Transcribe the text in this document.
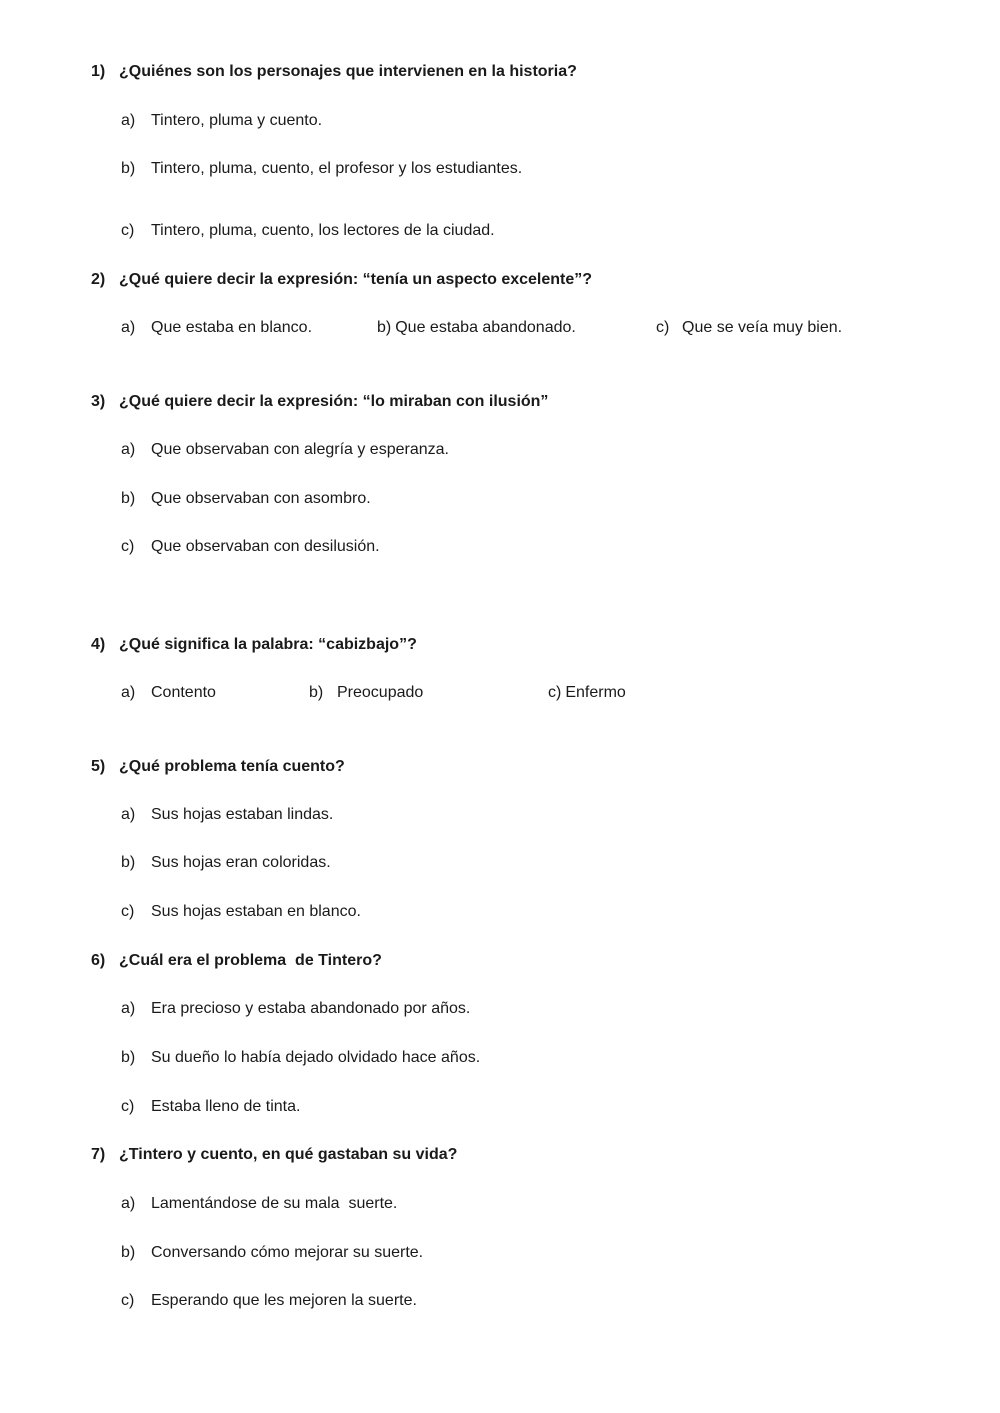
1) ¿Quiénes son los personajes que intervienen en la historia?
a) Tintero, pluma y cuento.
b) Tintero, pluma, cuento, el profesor y los estudiantes.
c) Tintero, pluma, cuento, los lectores de la ciudad.
2) ¿Qué quiere decir la expresión: “tenía un aspecto excelente”?
a) Que estaba en blanco.	b) Que estaba abandonado.	c) Que se veía muy bien.
3) ¿Qué quiere decir la expresión: “lo miraban con ilusión”
a) Que observaban con alegría y esperanza.
b) Que observaban con asombro.
c) Que observaban con desilusión.
4) ¿Qué significa la palabra: “cabizbajo”?
a) Contento	b) Preocupado	c) Enfermo
5) ¿Qué problema tenía cuento?
a) Sus hojas estaban lindas.
b) Sus hojas eran coloridas.
c) Sus hojas estaban en blanco.
6) ¿Cuál era el problema  de Tintero?
a) Era precioso y estaba abandonado por años.
b) Su dueño lo había dejado olvidado hace años.
c) Estaba lleno de tinta.
7) ¿Tintero y cuento, en qué gastaban su vida?
a) Lamentándose de su mala  suerte.
b) Conversando cómo mejorar su suerte.
c) Esperando que les mejoren la suerte.
